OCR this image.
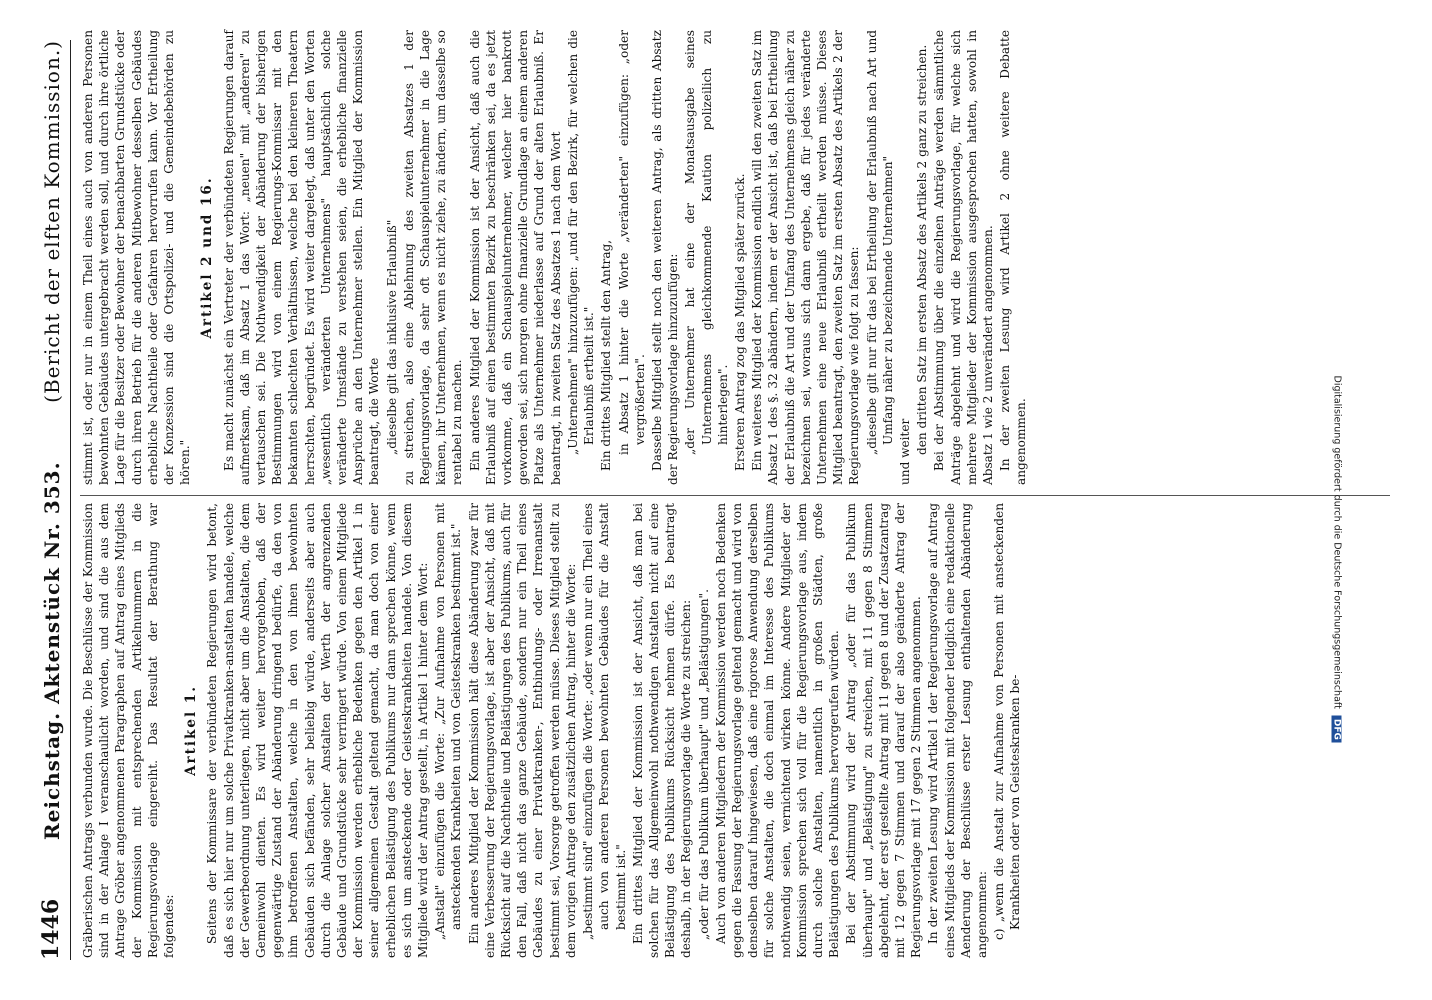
1446
Reichstag. Aktenstück Nr. 353.
(Bericht der elften Kommission.)

Gräberischen Antrags verbunden wurde. Die Beschlüsse der Kommission sind in der Anlage I veranschaulicht worden, und sind die aus dem Antrage Gröber angenommenen Paragraphen auf Antrag eines Mitglieds der Kommission mit entsprechenden Artikelnummern in die Regierungsvorlage eingereiht. Das Resultat der Berathung war folgendes:

Artikel 1. Seitens der Kommissare der verbündeten Regierungen wird betont, daß es sich hier nur um solche Privatkranken-anstalten handele, welche der Gewerbeordnung unterliegen, nicht aber um die Anstalten, die dem Gemeinwohl dienten. Es wird weiter hervorgehoben, daß der gegenwärtige Zustand der Abänderung dringend bedürfe, da den von ihm betroffenen Anstalten, welche in den von ihnen bewohnten Gebäuden sich befänden, sehr beliebig würde, anderseits aber auch durch die Anlage solcher Anstalten der Werth der angrenzenden Gebäude und Grundstücke sehr verringert würde. Von einem Mitgliede der Kommission werden erhebliche Bedenken gegen den Artikel 1 in seiner allgemeinen Gestalt geltend gemacht, da man doch von einer erheblichen Belästigung des Publikums nur dann sprechen könne, wenn es sich um ansteckende oder Geisteskrankheiten handele. Von diesem Mitgliede wird der Antrag gestellt, in Artikel 1 hinter dem Wort: „Anstalt" einzufügen die Worte: „Zur Aufnahme von Personen mit ansteckenden Krankheiten und von Geisteskranken bestimmt ist." Ein anderes Mitglied der Kommission hält diese Abänderung zwar für eine Verbesserung der Regierungsvorlage, ist aber der Ansicht, daß mit Rücksicht auf die Nachtheile und Belästigungen des Publikums, auch für den Fall, daß nicht das ganze Gebäude, sondern nur ein Theil eines Gebäudes zu einer Privatkranken-, Entbindungs- oder Irrenanstalt bestimmt sei, Vorsorge getroffen werden müsse. Dieses Mitglied stellt zu dem vorigen Antrage den zusätzlichen Antrag, hinter die Worte: „bestimmt sind" einzufügen die Worte: „oder wenn nur ein Theil eines auch von anderen Personen bewohnten Gebäudes für die Anstalt bestimmt ist." Ein drittes Mitglied der Kommission ist der Ansicht, daß man bei solchen für das Allgemeinwohl nothwendigen Anstalten nicht auf eine Belästigung des Publikums Rücksicht nehmen dürfe. Es beantragt deshalb, in der Regierungsvorlage die Worte zu streichen: „oder für das Publikum überhaupt" und „Belästigungen". Auch von anderen Mitgliedern der Kommission werden noch Bedenken gegen die Fassung der Regierungsvorlage geltend gemacht und wird von denselben darauf hingewiesen, daß eine rigorose Anwendung derselben für solche Anstalten, die doch einmal im Interesse des Publikums nothwendig seien, vernichtend wirken könne. Andere Mitglieder der Kommission sprechen sich voll für die Regierungsvorlage aus, indem durch solche Anstalten, namentlich in großen Städten, große Belästigungen des Publikums hervorgerufen würden. Bei der Abstimmung wird der Antrag „oder für das Publikum überhaupt" und „Belästigung" zu streichen, mit 11 gegen 8 Stimmen abgelehnt, der erst gestellte Antrag mit 11 gegen 8 und der Zusatzantrag mit 12 gegen 7 Stimmen und darauf der also geänderte Antrag der Regierungsvorlage mit 17 gegen 2 Stimmen angenommen. In der zweiten Lesung wird Artikel 1 der Regierungsvorlage auf Antrag eines Mitglieds der Kommission mit folgender lediglich eine redaktionelle Aenderung der Beschlüsse erster Lesung enthaltenden Abänderung angenommen: c) „wenn die Anstalt zur Aufnahme von Personen mit ansteckenden Krankheiten oder von Geisteskranken be-

stimmt ist, oder nur in einem Theil eines auch von anderen Personen bewohnten Gebäudes untergebracht werden soll, und durch ihre örtliche Lage für die Besitzer oder Bewohner der benachbarten Grundstücke oder durch ihren Betrieb für die anderen Mitbewohner desselben Gebäudes erhebliche Nachtheile oder Gefahren hervorrufen kann. Vor Ertheilung der Konzession sind die Ortspolizei- und die Gemeindebehörden zu hören."

Artikel 2 und 16. Es macht zunächst ein Vertreter der verbündeten Regierungen darauf aufmerksam, daß im Absatz 1 das Wort: „neuen" mit „anderen" zu vertauschen sei. Die Nothwendigkeit der Abänderung der bisherigen Bestimmungen wird von einem Regierungs-Kommissar mit den bekannten schlechten Verhältnissen, welche bei den kleineren Theatern herrschten, begründet. Es wird weiter dargelegt, daß unter den Worten „wesentlich veränderten Unternehmens" hauptsächlich solche veränderte Umstände zu verstehen seien, die erhebliche finanzielle Ansprüche an den Unternehmer stellen. Ein Mitglied der Kommission beantragt, die Worte „dieselbe gilt das inklusive Erlaubniß" zu streichen, also eine Ablehnung des zweiten Absatzes 1 der Regierungsvorlage, da sehr oft Schauspielunternehmer in die Lage kämen, ihr Unternehmen, wenn es nicht ziehe, zu ändern, um dasselbe so rentabel zu machen. Ein anderes Mitglied der Kommission ist der Ansicht, daß auch die Erlaubniß auf einen bestimmten Bezirk zu beschränken sei, da es jetzt vorkomme, daß ein Schauspielunternehmer, welcher hier bankrott geworden sei, sich morgen ohne finanzielle Grundlage an einem anderen Platze als Unternehmer niederlasse auf Grund der alten Erlaubniß. Er beantragt, in zweiten Satz des Absatzes 1 nach dem Wort „Unternehmen" hinzuzufügen: „und für den Bezirk, für welchen die Erlaubniß ertheilt ist." Ein drittes Mitglied stellt den Antrag, in Absatz 1 hinter die Worte „veränderten" einzufügen: „oder vergrößerten". Dasselbe Mitglied stellt noch den weiteren Antrag, als dritten Absatz der Regierungsvorlage hinzuzufügen: „der Unternehmer hat eine der Monatsausgabe seines Unternehmens gleichkommende Kaution polizeilich zu hinterlegen". Ersteren Antrag zog das Mitglied später zurück. Ein weiteres Mitglied der Kommission endlich will den zweiten Satz im Absatz 1 des §. 32 abändern, indem er der Ansicht ist, daß bei Ertheilung der Erlaubniß die Art und der Umfang des Unternehmens gleich näher zu bezeichnen sei, woraus sich dann ergebe, daß für jedes veränderte Unternehmen eine neue Erlaubniß ertheilt werden müsse. Dieses Mitglied beantragt, den zweiten Satz im ersten Absatz des Artikels 2 der Regierungsvorlage wie folgt zu fassen: „dieselbe gilt nur für das bei Ertheilung der Erlaubniß nach Art und Umfang näher zu bezeichnende Unternehmen"

und weiter den dritten Satz im ersten Absatz des Artikels 2 ganz zu streichen. Bei der Abstimmung über die einzelnen Anträge werden sämmtliche Anträge abgelehnt und wird die Regierungsvorlage, für welche sich mehrere Mitglieder der Kommission ausgesprochen hatten, sowohl in Absatz 1 wie 2 unverändert angenommen. In der zweiten Lesung wird Artikel 2 ohne weitere Debatte angenommen.	Digitalisierung gefördert durch die Deutsche Forschungsgemeinschaft DFG
